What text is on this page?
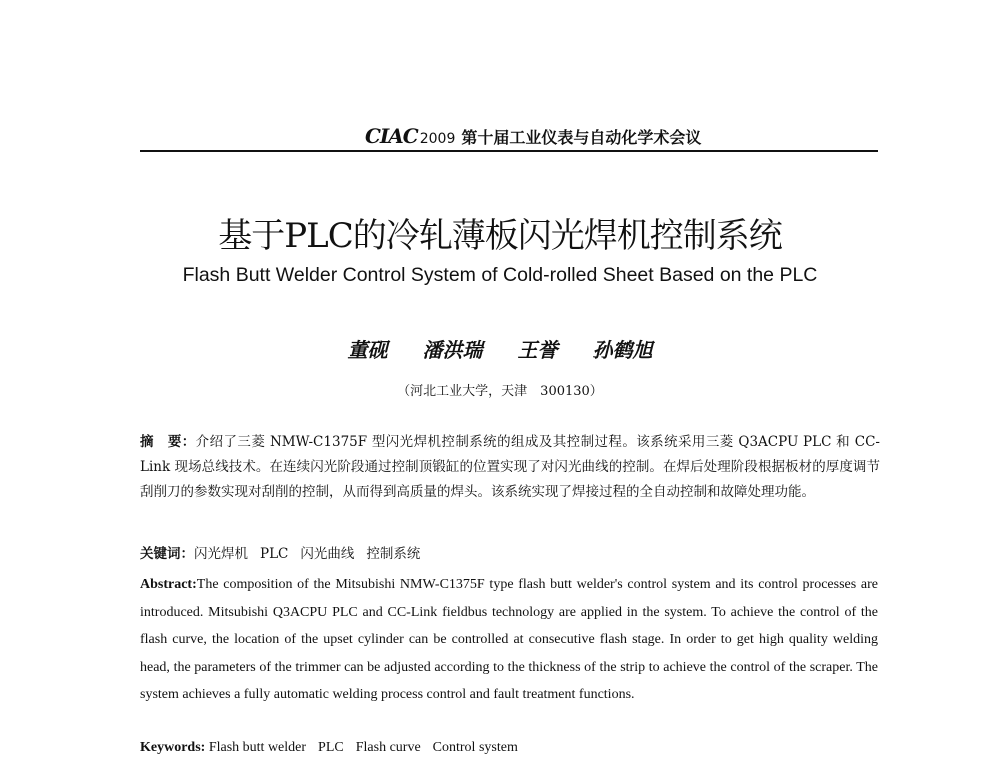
CIAC 2009 第十届工业仪表与自动化学术会议
基于PLC的冷轧薄板闪光焊机控制系统
Flash Butt Welder Control System of Cold-rolled Sheet Based on the PLC
董砚 潘洪瑞 王誉 孙鹤旭
（河北工业大学，天津　300130）
摘　要：介绍了三菱 NMW-C1375F 型闪光焊机控制系统的组成及其控制过程。该系统采用三菱 Q3ACPU PLC 和 CC-Link 现场总线技术。在连续闪光阶段通过控制顶锻缸的位置实现了对闪光曲线的控制。在焊后处理阶段根据板材的厚度调节刮削刀的参数实现对刮削的控制，从而得到高质量的焊头。该系统实现了焊接过程的全自动控制和故障处理功能。
关键词：闪光焊机 PLC 闪光曲线 控制系统
Abstract:The composition of the Mitsubishi NMW-C1375F type flash butt welder's control system and its control processes are introduced. Mitsubishi Q3ACPU PLC and CC-Link fieldbus technology are applied in the system. To achieve the control of the flash curve, the location of the upset cylinder can be controlled at consecutive flash stage. In order to get high quality welding head, the parameters of the trimmer can be adjusted according to the thickness of the strip to achieve the control of the scraper. The system achieves a fully automatic welding process control and fault treatment functions.
Keywords: Flash butt welder PLC Flash curve Control system
